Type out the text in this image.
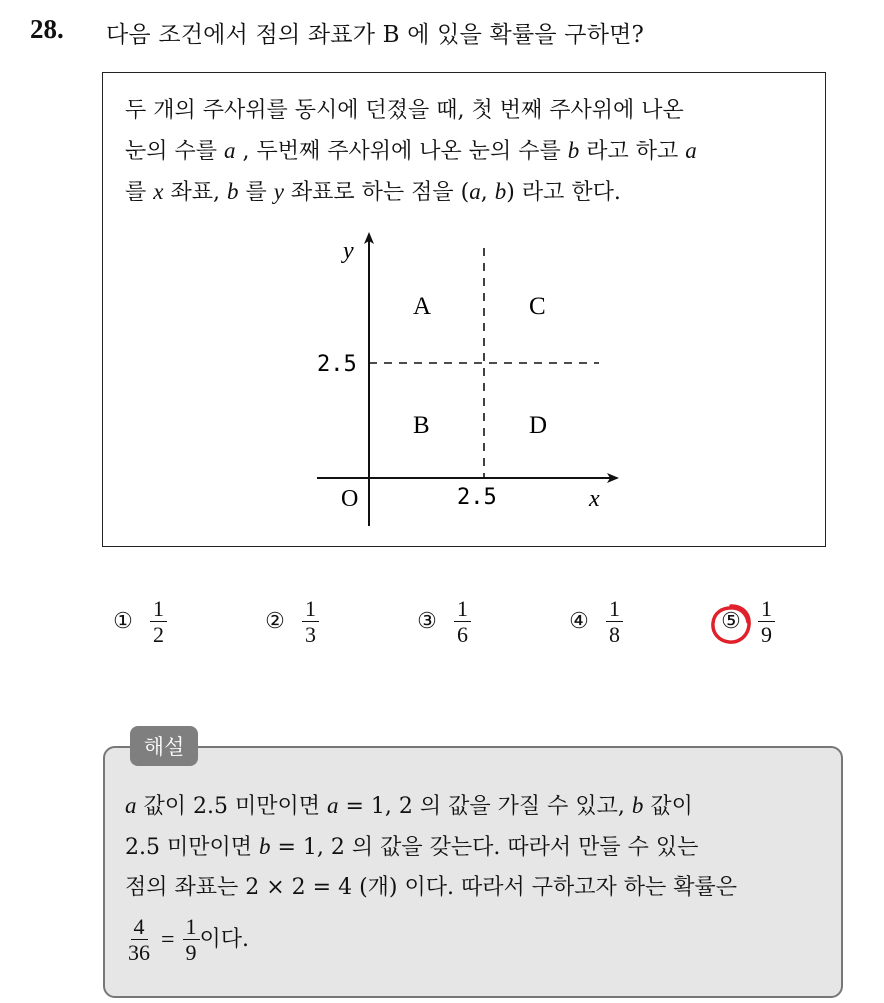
28. 다음 조건에서 점의 좌표가 B 에 있을 확률을 구하면?
두 개의 주사위를 동시에 던졌을 때, 첫 번째 주사위에 나온
눈의 수를 a , 두번째 주사위에 나온 눈의 수를 b 라고 하고 a
를 x 좌표, b 를 y 좌표로 하는 점을 (a, b) 라고 한다.
y
x
O	2.5
2.5
A	C
B	D
① $\frac{1}{2}$	② $\frac{1}{3}$	③ $\frac{1}{6}$	④ $\frac{1}{8}$	⑤ $\frac{1}{9}$
a 값이 2.5 미만이면 a = 1, 2 의 값을 가질 수 있고, b 값이
2.5 미만이면 b = 1, 2 의 값을 갖는다. 따라서 만들 수 있는
점의 좌표는 2 × 2 = 4 (개) 이다. 따라서 구하고자 하는 확률은
$\frac{4}{36} = \frac{1}{9}$ 이다.
해설
